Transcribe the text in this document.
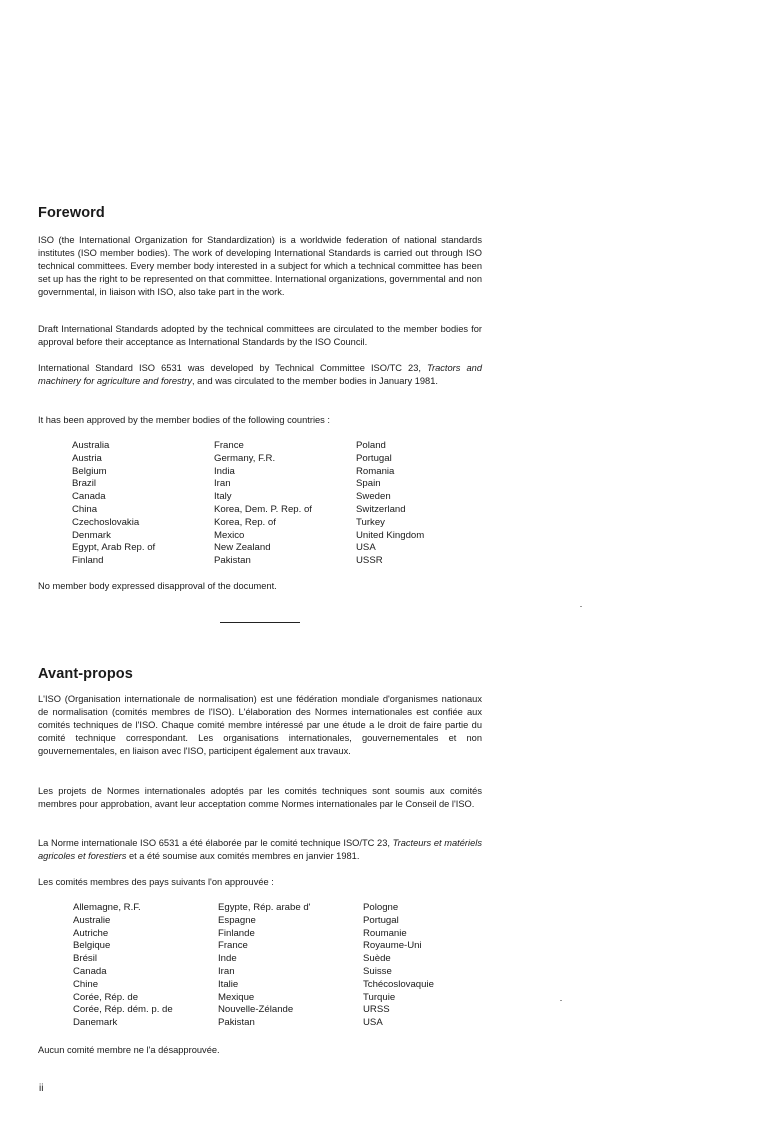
Foreword

ISO (the International Organization for Standardization) is a worldwide federation of national standards institutes (ISO member bodies). The work of developing International Standards is carried out through ISO technical committees. Every member body interested in a subject for which a technical committee has been set up has the right to be represented on that committee. International organizations, governmental and non governmental, in liaison with ISO, also take part in the work.

Draft International Standards adopted by the technical committees are circulated to the member bodies for approval before their acceptance as International Standards by the ISO Council.

International Standard ISO 6531 was developed by Technical Committee ISO/TC 23, Tractors and machinery for agriculture and forestry, and was circulated to the member bodies in January 1981.

It has been approved by the member bodies of the following countries :

Australia
Austria
Belgium
Brazil
Canada
China
Czechoslovakia
Denmark
Egypt, Arab Rep. of
Finland
France
Germany, F.R.
India
Iran
Italy
Korea, Dem. P. Rep. of
Korea, Rep. of
Mexico
New Zealand
Pakistan
Poland
Portugal
Romania
Spain
Sweden
Switzerland
Turkey
United Kingdom
USA
USSR

No member body expressed disapproval of the document.

Avant-propos

L'ISO (Organisation internationale de normalisation) est une fédération mondiale d'organismes nationaux de normalisation (comités membres de l'ISO). L'élaboration des Normes internationales est confiée aux comités techniques de l'ISO. Chaque comité membre intéressé par une étude a le droit de faire partie du comité technique correspondant. Les organisations internationales, gouvernementales et non gouvernementales, en liaison avec l'ISO, participent également aux travaux.

Les projets de Normes internationales adoptés par les comités techniques sont soumis aux comités membres pour approbation, avant leur acceptation comme Normes internationales par le Conseil de l'ISO.

La Norme internationale ISO 6531 a été élaborée par le comité technique ISO/TC 23, Tracteurs et matériels agricoles et forestiers et a été soumise aux comités membres en janvier 1981.

Les comités membres des pays suivants l'on approuvée :

Allemagne, R.F.
Australie
Autriche
Belgique
Brésil
Canada
Chine
Corée, Rép. de
Corée, Rép. dém. p. de
Danemark
Egypte, Rép. arabe d'
Espagne
Finlande
France
Inde
Iran
Italie
Mexique
Nouvelle-Zélande
Pakistan
Pologne
Portugal
Roumanie
Royaume-Uni
Suède
Suisse
Tchécoslovaquie
Turquie
URSS
USA

Aucun comité membre ne l'a désapprouvée.

ii
